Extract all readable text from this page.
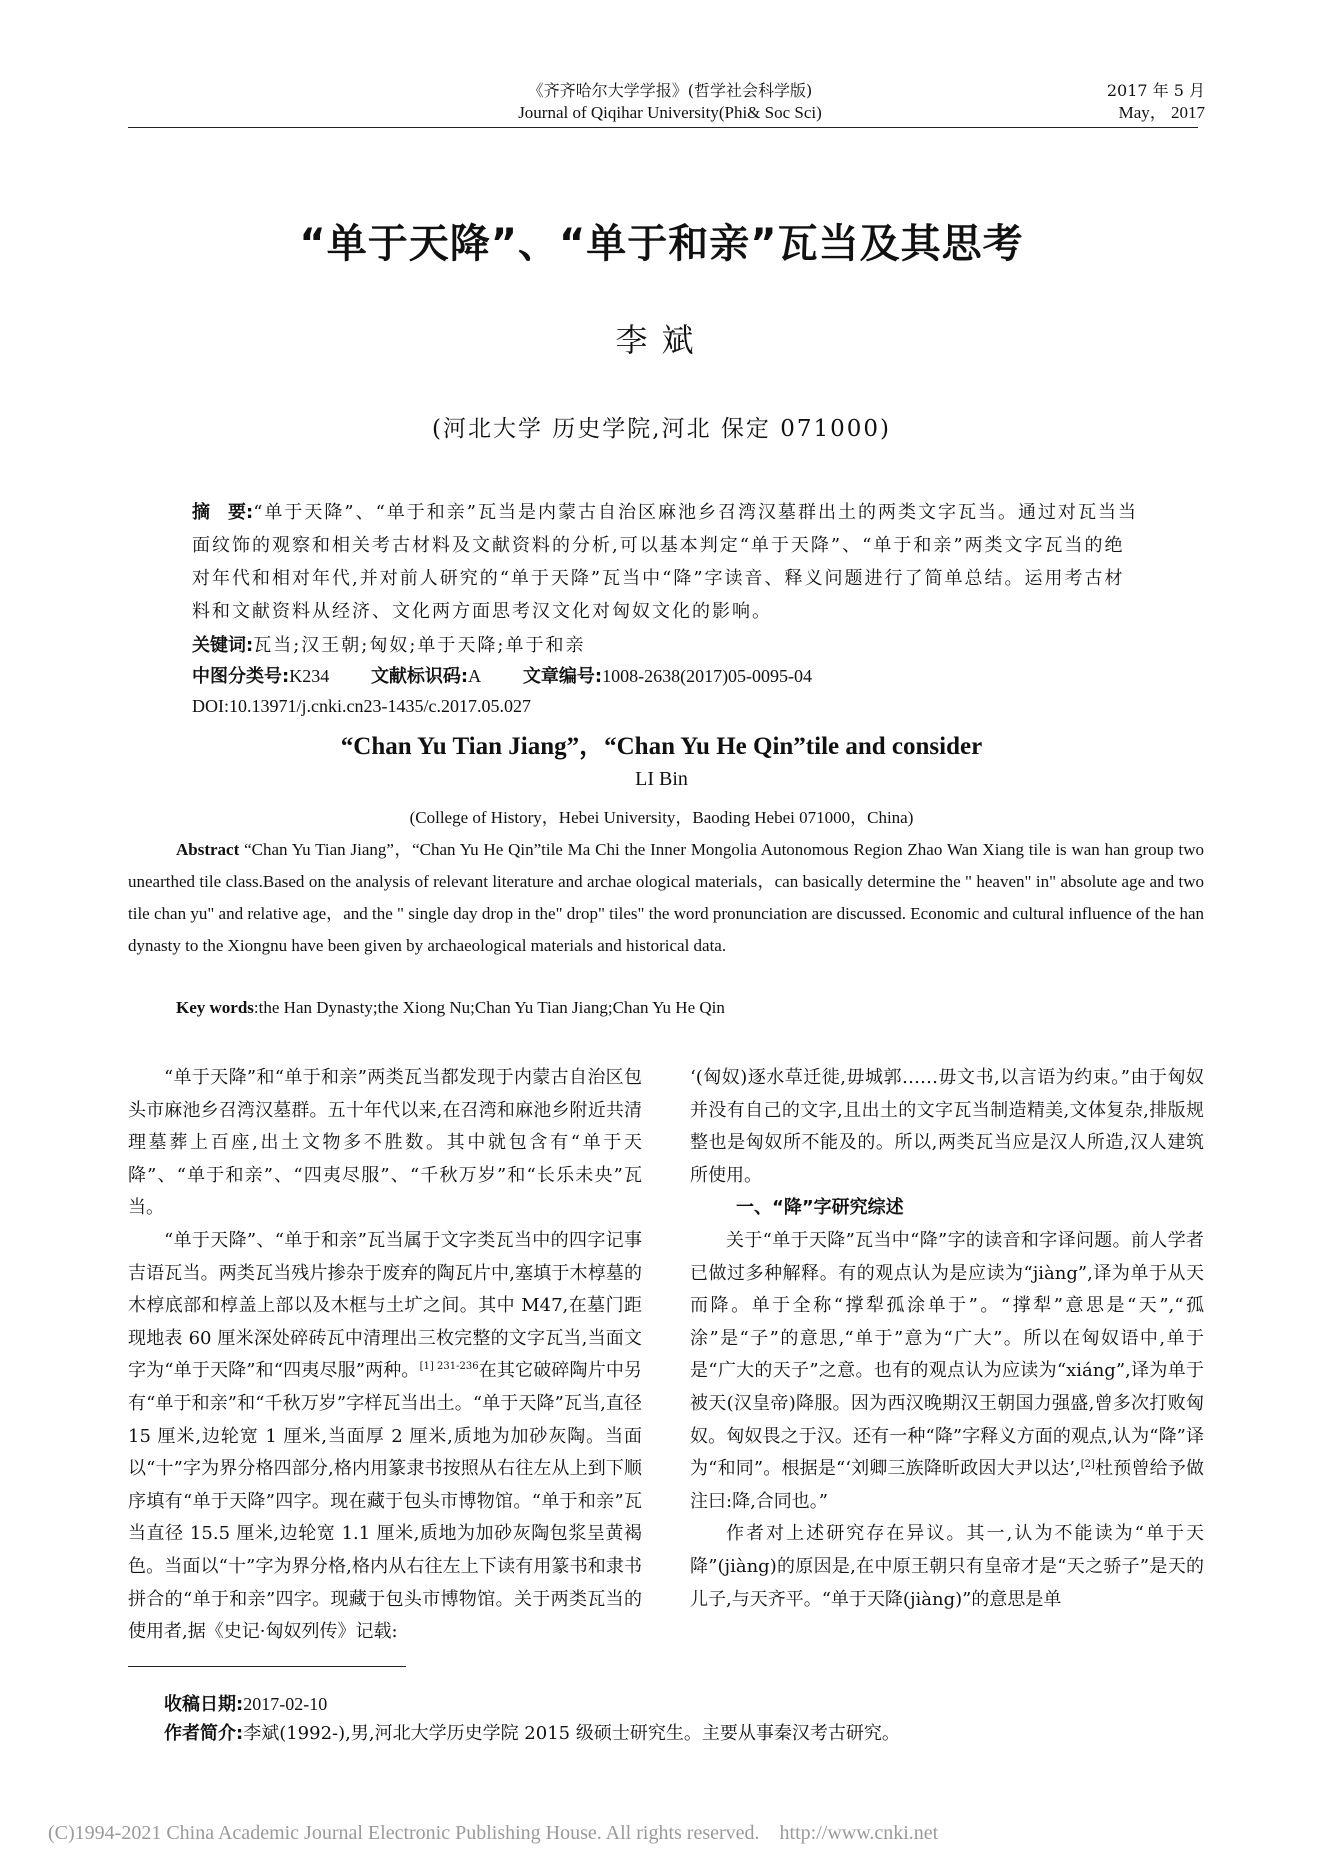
《齐齐哈尔大学学报》(哲学社会科学版)
Journal of Qiqihar University(Phi& Soc Sci)
2017 年 5 月
May， 2017
“单于天降”、“单于和亲”瓦当及其思考
李斌
(河北大学 历史学院,河北 保定 071000)
摘　要:“单于天降”、“单于和亲”瓦当是内蒙古自治区麻池乡召湾汉墓群出土的两类文字瓦当。通过对瓦当当面纹饰的观察和相关考古材料及文献资料的分析,可以基本判定“单于天降”、“单于和亲”两类文字瓦当的绝对年代和相对年代,并对前人研究的“单于天降”瓦当中“降”字读音、释义问题进行了简单总结。运用考古材料和文献资料从经济、文化两方面思考汉文化对匈奴文化的影响。
关键词:瓦当;汉王朝;匈奴;单于天降;单于和亲
中图分类号:K234 文献标识码:A 文章编号:1008-2638(2017)05-0095-04
DOI:10.13971/j.cnki.cn23-1435/c.2017.05.027
“Chan Yu Tian Jiang”，“Chan Yu He Qin”tile and consider
LI Bin
(College of History，Hebei University，Baoding Hebei 071000，China)
Abstract “Chan Yu Tian Jiang”，“Chan Yu He Qin”tile Ma Chi the Inner Mongolia Autonomous Region Zhao Wan Xiang tile is wan han group two unearthed tile class.Based on the analysis of relevant literature and archae ological materials，can basically determine the " heaven" in" absolute age and two tile chan yu" and relative age，and the " single day drop in the" drop" tiles" the word pronunciation are discussed. Economic and cultural influence of the han dynasty to the Xiongnu have been given by archaeological materials and historical data.
Key words:the Han Dynasty;the Xiong Nu;Chan Yu Tian Jiang;Chan Yu He Qin

“单于天降”和“单于和亲”两类瓦当都发现于内蒙古自治区包头市麻池乡召湾汉墓群。五十年代以来,在召湾和麻池乡附近共清理墓葬上百座,出土文物多不胜数。其中就包含有“单于天降”、“单于和亲”、“四夷尽服”、“千秋万岁”和“长乐未央”瓦当。

“单于天降”、“单于和亲”瓦当属于文字类瓦当中的四字记事吉语瓦当。两类瓦当残片掺杂于废弃的陶瓦片中,塞填于木椁墓的木椁底部和椁盖上部以及木框与土圹之间。其中 M47,在墓门距现地表 60 厘米深处碎砖瓦中清理出三枚完整的文字瓦当,当面文字为“单于天降”和“四夷尽服”两种。$^{[1] 231-236}$在其它破碎陶片中另有“单于和亲”和“千秋万岁”字样瓦当出土。“单于天降”瓦当,直径 15 厘米,边轮宽 1 厘米,当面厚 2 厘米,质地为加砂灰陶。当面以“十”字为界分格四部分,格内用篆隶书按照从右往左从上到下顺序填有“单于天降”四字。现在藏于包头市博物馆。“单于和亲”瓦当直径 15.5 厘米,边轮宽 1.1 厘米,质地为加砂灰陶包浆呈黄褐色。当面以“十”字为界分格,格内从右往左上下读有用篆书和隶书拼合的“单于和亲”四字。现藏于包头市博物馆。关于两类瓦当的使用者,据《史记·匈奴列传》记载:

‘(匈奴)逐水草迁徙,毋城郭……毋文书,以言语为约束。”由于匈奴并没有自己的文字,且出土的文字瓦当制造精美,文体复杂,排版规整也是匈奴所不能及的。所以,两类瓦当应是汉人所造,汉人建筑所使用。

一、“降”字研究综述

关于“单于天降”瓦当中“降”字的读音和字译问题。前人学者已做过多种解释。有的观点认为是应读为“jiàng”,译为单于从天而降。单于全称“撑犁孤涂单于”。“撑犁”意思是“天”,“孤涂”是“子”的意思,“单于”意为“广大”。所以在匈奴语中,单于是“广大的天子”之意。也有的观点认为应读为“xiáng”,译为单于被天(汉皇帝)降服。因为西汉晚期汉王朝国力强盛,曾多次打败匈奴。匈奴畏之于汉。还有一种“降”字释义方面的观点,认为“降”译为“和同”。根据是“‘刘卿三族降昕政因大尹以达’,[2]杜预曾给予做注曰:降,合同也。”

作者对上述研究存在异议。其一,认为不能读为“单于天降”(jiàng)的原因是,在中原王朝只有皇帝才是“天之骄子”是天的儿子,与天齐平。“单于天降(jiàng)”的意思是单

收稿日期:2017-02-10
作者简介:李斌(1992-),男,河北大学历史学院 2015 级硕士研究生。主要从事秦汉考古研究。
(C)1994-2021 China Academic Journal Electronic Publishing House. All rights reserved.    http://www.cnki.net
